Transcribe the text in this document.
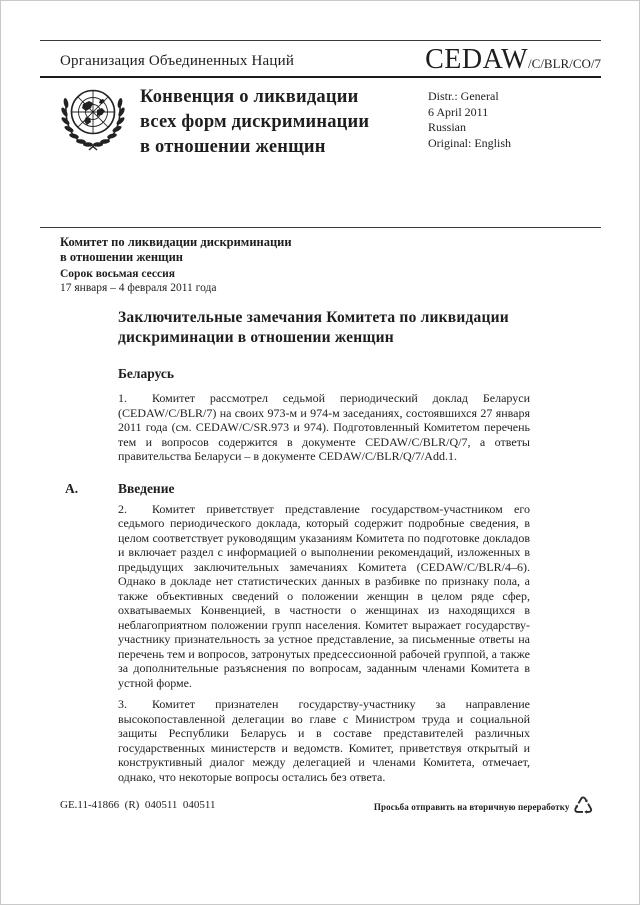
Организация Объединенных Наций	CEDAW/C/BLR/CO/7
Конвенция о ликвидации
всех форм дискриминации
в отношении женщин
Distr.: General
6 April 2011
Russian
Original: English
Комитет по ликвидации дискриминации
в отношении женщин
Сорок восьмая сессия
17 января – 4 февраля 2011 года
Заключительные замечания Комитета по ликвидации дискриминации в отношении женщин
Беларусь

1. Комитет рассмотрел седьмой периодический доклад Беларуси (CEDAW/C/BLR/7) на своих 973-м и 974-м заседаниях, состоявшихся 27 января 2011 года (см. CEDAW/C/SR.973 и 974). Подготовленный Комитетом перечень тем и вопросов содержится в документе CEDAW/C/BLR/Q/7, а ответы правительства Беларуси – в документе CEDAW/C/BLR/Q/7/Add.1.

A.	Введение

2. Комитет приветствует представление государством-участником его седьмого периодического доклада, который содержит подробные сведения, в целом соответствует руководящим указаниям Комитета по подготовке докладов и включает раздел с информацией о выполнении рекомендаций, изложенных в предыдущих заключительных замечаниях Комитета (CEDAW/C/BLR/4–6). Однако в докладе нет статистических данных в разбивке по признаку пола, а также объективных сведений о положении женщин в целом ряде сфер, охватываемых Конвенцией, в частности о женщинах из находящихся в неблагоприятном положении групп населения. Комитет выражает государству-участнику признательность за устное представление, за письменные ответы на перечень тем и вопросов, затронутых предсессионной рабочей группой, а также за дополнительные разъяснения по вопросам, заданным членами Комитета в устной форме.

3. Комитет признателен государству-участнику за направление высокопоставленной делегации во главе с Министром труда и социальной защиты Республики Беларусь и в составе представителей различных государственных министерств и ведомств. Комитет, приветствуя открытый и конструктивный диалог между делегацией и членами Комитета, отмечает, однако, что некоторые вопросы остались без ответа.

GE.11-41866  (R)  040511  040511	Просьба отправить на вторичную переработку ♺
